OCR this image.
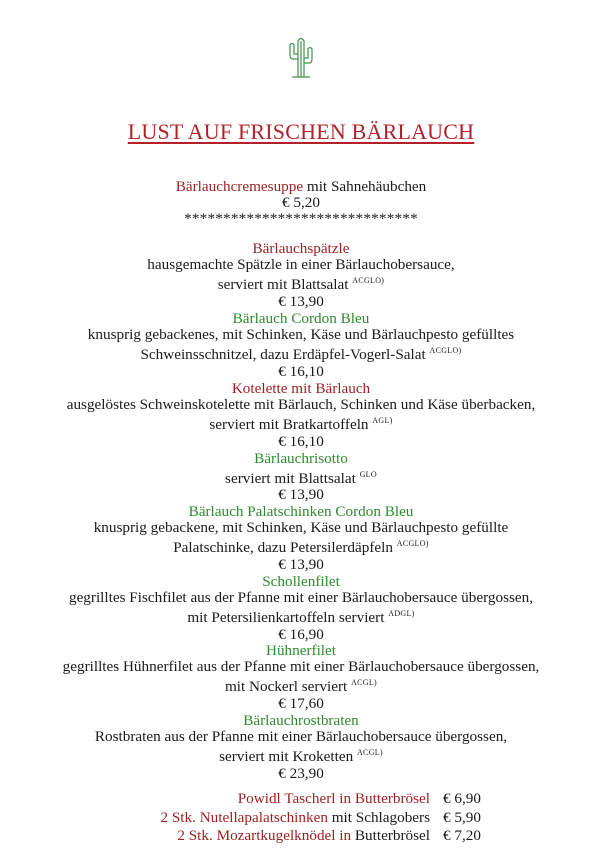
LUST AUF FRISCHEN BÄRLAUCH
Bärlauchcremesuppe mit Sahnehäubchen
€ 5,20
******************************
Bärlauchspätzle
hausgemachte Spätzle in einer Bärlauchobersauce,
serviert mit Blattsalat $^{ACGLO)}$
€ 13,90
Bärlauch Cordon Bleu
knusprig gebackenes, mit Schinken, Käse und Bärlauchpesto gefülltes
Schweinsschnitzel, dazu Erdäpfel-Vogerl-Salat $^{ACGLO)}$
€ 16,10
Kotelette mit Bärlauch
ausgelöstes Schweinskotelette mit Bärlauch, Schinken und Käse überbacken,
serviert mit Bratkartoffeln $^{AGL)}$
€ 16,10
Bärlauchrisotto
serviert mit Blattsalat $^{GLO}$
€ 13,90
Bärlauch Palatschinken Cordon Bleu
knusprig gebackene, mit Schinken, Käse und Bärlauchpesto gefüllte
Palatschinke, dazu Petersilerdäpfeln $^{ACGLO)}$
€ 13,90
Schollenfilet
gegrilltes Fischfilet aus der Pfanne mit einer Bärlauchobersauce übergossen,
mit Petersilienkartoffeln serviert $^{ADGL)}$
€ 16,90
Hühnerfilet
gegrilltes Hühnerfilet aus der Pfanne mit einer Bärlauchobersauce übergossen,
mit Nockerl serviert $^{ACGL)}$
€ 17,60
Bärlauchrostbraten
Rostbraten aus der Pfanne mit einer Bärlauchobersauce übergossen,
serviert mit Kroketten $^{ACGL)}$
€ 23,90
Powidl Tascherl in Butterbrösel € 6,90
2 Stk. Nutellapalatschinken mit Schlagobers € 5,90
2 Stk. Mozartkugelknödel in Butterbrösel € 7,20
